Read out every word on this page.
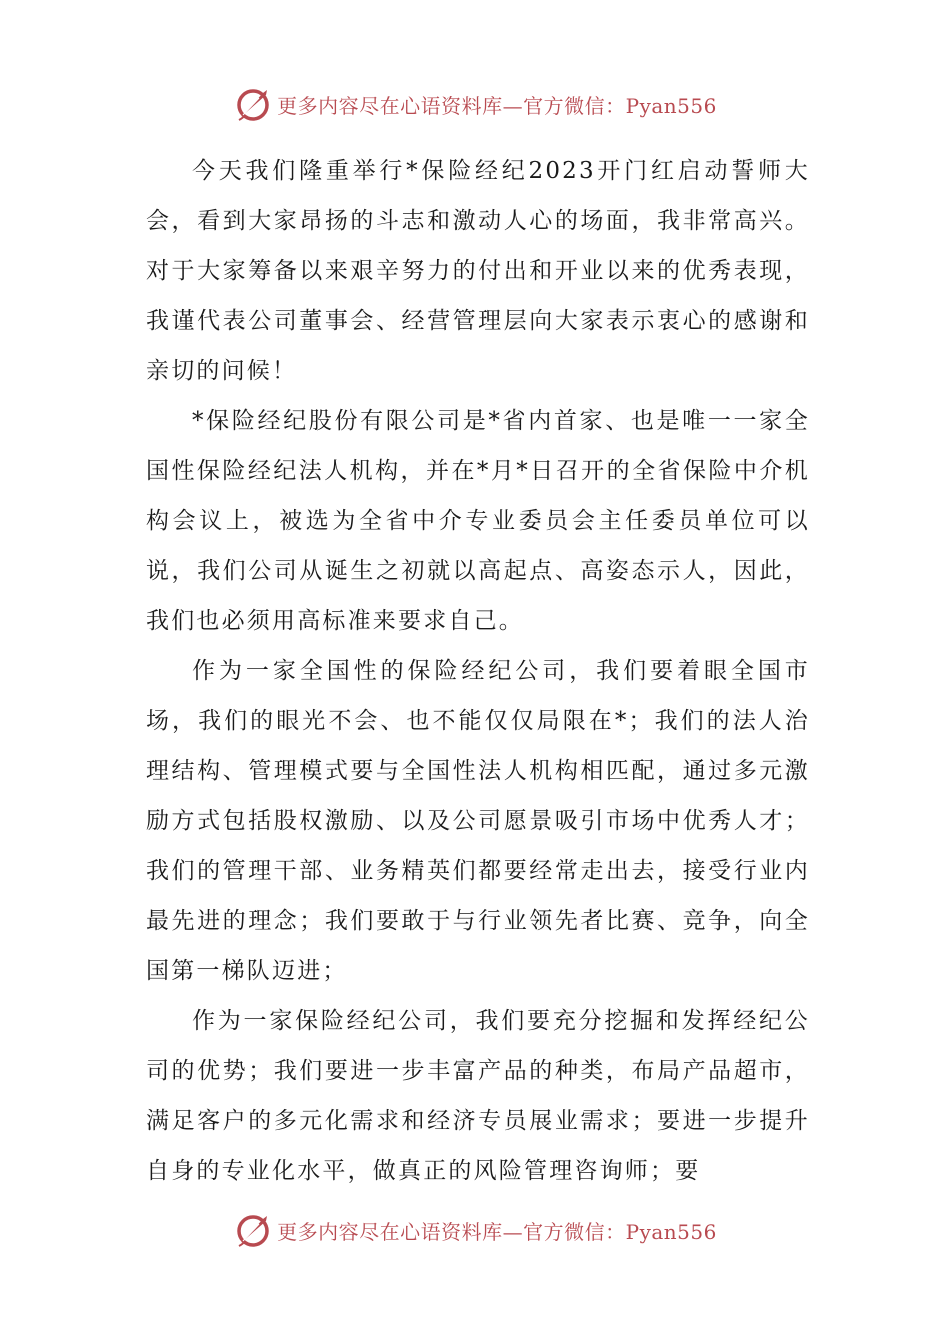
更多内容尽在心语资料库—官方微信：Pyan556

今天我们隆重举行*保险经纪2023开门红启动誓师大会，看到大家昂扬的斗志和激动人心的场面，我非常高兴。对于大家筹备以来艰辛努力的付出和开业以来的优秀表现，我谨代表公司董事会、经营管理层向大家表示衷心的感谢和亲切的问候！

*保险经纪股份有限公司是*省内首家、也是唯一一家全国性保险经纪法人机构，并在*月*日召开的全省保险中介机构会议上，被选为全省中介专业委员会主任委员单位可以说，我们公司从诞生之初就以高起点、高姿态示人，因此，我们也必须用高标准来要求自己。

作为一家全国性的保险经纪公司，我们要着眼全国市场，我们的眼光不会、也不能仅仅局限在*；我们的法人治理结构、管理模式要与全国性法人机构相匹配，通过多元激励方式包括股权激励、以及公司愿景吸引市场中优秀人才；我们的管理干部、业务精英们都要经常走出去，接受行业内最先进的理念；我们要敢于与行业领先者比赛、竞争，向全国第一梯队迈进；

作为一家保险经纪公司，我们要充分挖掘和发挥经纪公司的优势；我们要进一步丰富产品的种类，布局产品超市，满足客户的多元化需求和经济专员展业需求；要进一步提升自身的专业化水平，做真正的风险管理咨询师；要

更多内容尽在心语资料库—官方微信：Pyan556
